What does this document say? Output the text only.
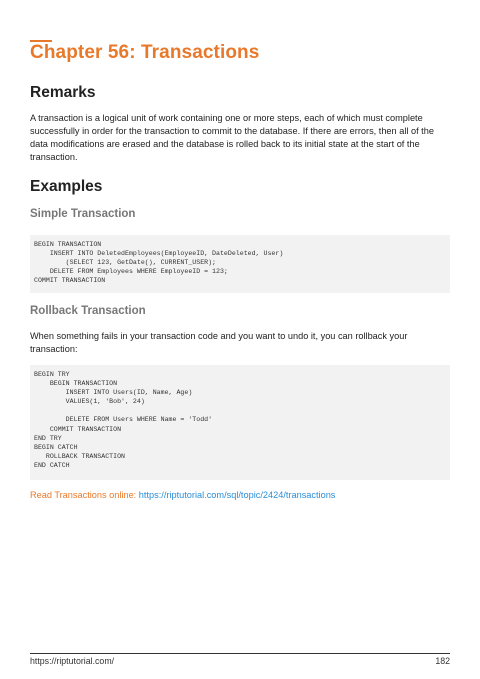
Chapter 56: Transactions
Remarks

A transaction is a logical unit of work containing one or more steps, each of which must complete successfully in order for the transaction to commit to the database. If there are errors, then all of the data modifications are erased and the database is rolled back to its initial state at the start of the transaction.

Examples
Simple Transaction
BEGIN TRANSACTION
INSERT INTO DeletedEmployees(EmployeeID, DateDeleted, User)
(SELECT 123, GetDate(), CURRENT_USER);
DELETE FROM Employees WHERE EmployeeID = 123;
COMMIT TRANSACTION
Rollback Transaction

When something fails in your transaction code and you want to undo it, you can rollback your transaction:

BEGIN TRY
BEGIN TRANSACTION
INSERT INTO Users(ID, Name, Age)
VALUES(1, 'Bob', 24)

DELETE FROM Users WHERE Name = 'Todd'
COMMIT TRANSACTION
END TRY
BEGIN CATCH
ROLLBACK TRANSACTION
END CATCH

Read Transactions online: https://riptutorial.com/sql/topic/2424/transactions

https://riptutorial.com/	182
